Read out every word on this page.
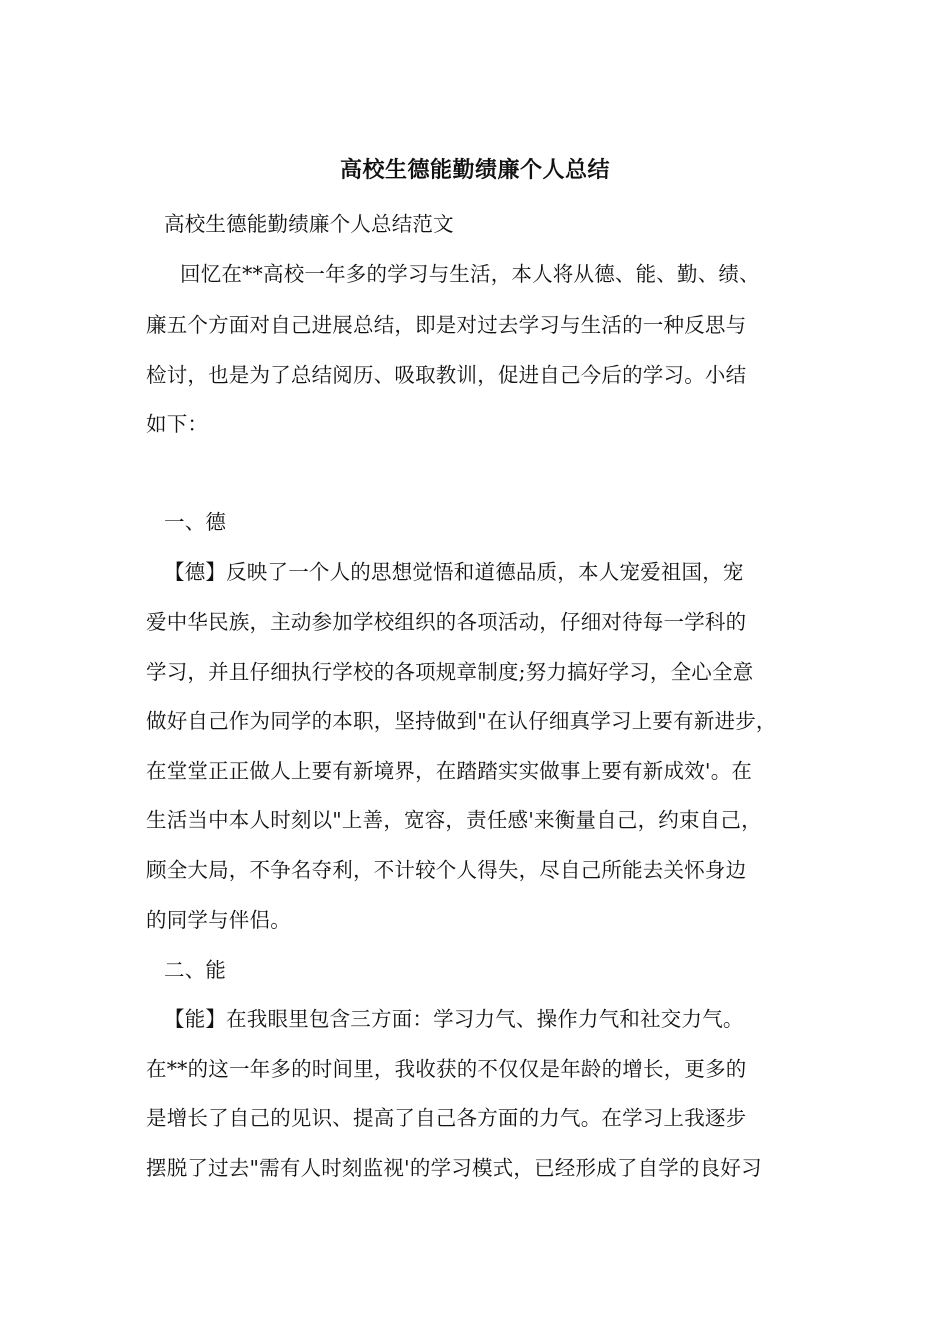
高校生德能勤绩廉个人总结
高校生德能勤绩廉个人总结范文
回忆在**高校一年多的学习与生活，本人将从德、能、勤、绩、
廉五个方面对自己进展总结，即是对过去学习与生活的一种反思与
检讨，也是为了总结阅历、吸取教训，促进自己今后的学习。小结
如下：
一、德
【德】反映了一个人的思想觉悟和道德品质，本人宠爱祖国，宠
爱中华民族，主动参加学校组织的各项活动，仔细对待每一学科的
学习，并且仔细执行学校的各项规章制度;努力搞好学习，全心全意
做好自己作为同学的本职，坚持做到"在认仔细真学习上要有新进步，
在堂堂正正做人上要有新境界，在踏踏实实做事上要有新成效'。在
生活当中本人时刻以"上善，宽容，责任感'来衡量自己，约束自己，
顾全大局，不争名夺利，不计较个人得失，尽自己所能去关怀身边
的同学与伴侣。
二、能
【能】在我眼里包含三方面：学习力气、操作力气和社交力气。
在**的这一年多的时间里，我收获的不仅仅是年龄的增长，更多的
是增长了自己的见识、提高了自己各方面的力气。在学习上我逐步
摆脱了过去"需有人时刻监视'的学习模式，已经形成了自学的良好习
